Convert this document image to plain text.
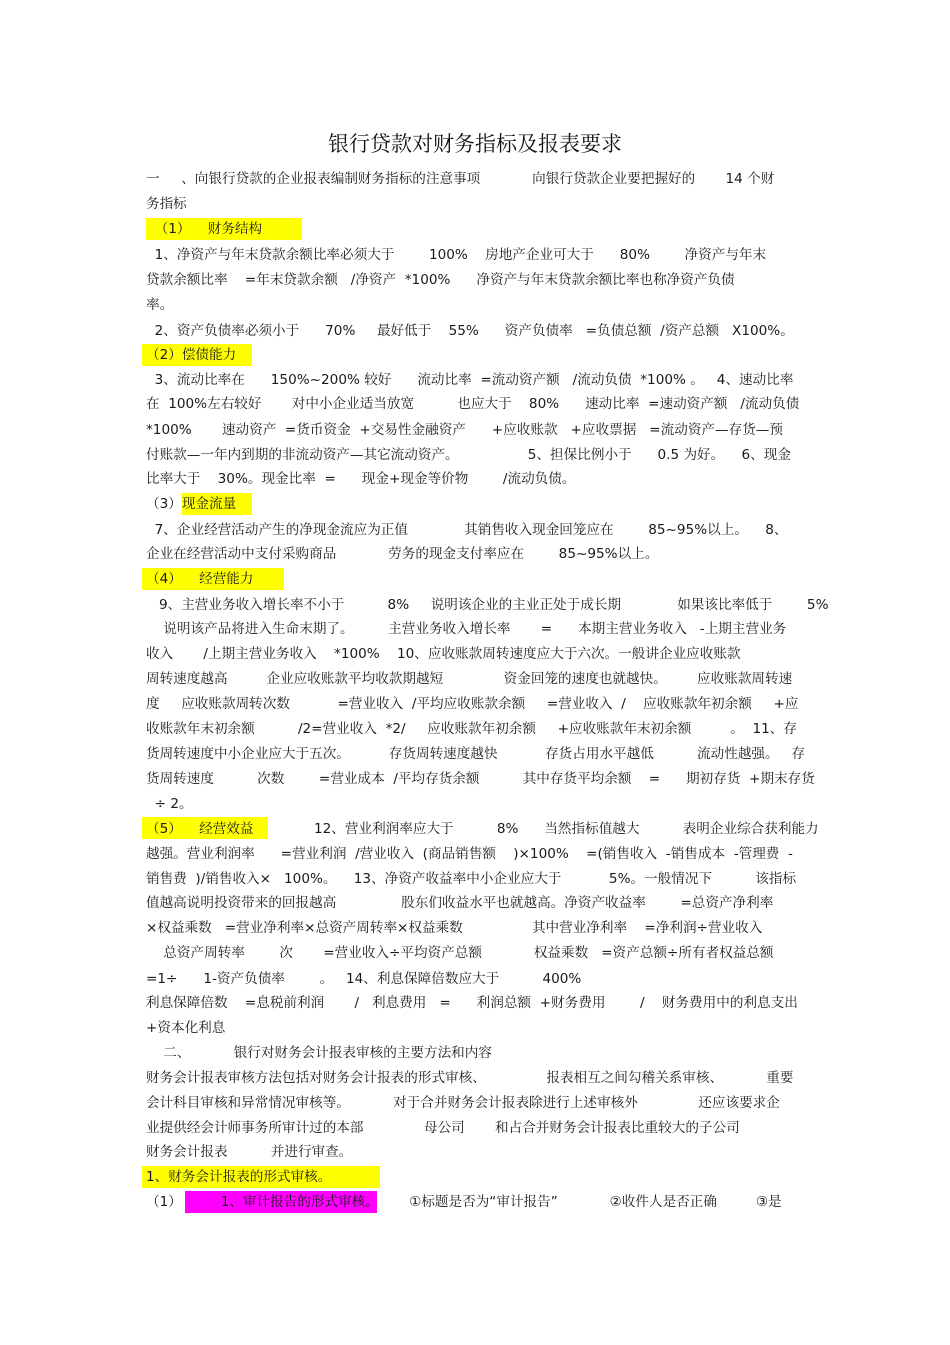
银行贷款对财务指标及报表要求
一     、向银行贷款的企业报表编制财务指标的注意事项            向银行贷款企业要把握好的       14 个财
务指标
（1）    财务结构
1、净资产与年末贷款余额比率必须大于        100%    房地产企业可大于      80%        净资产与年末
贷款余额比率    =年末贷款余额   /净资产  *100%      净资产与年末贷款余额比率也称净资产负债
率。
2、资产负债率必须小于      70%     最好低于    55%      资产负债率   =负债总额  /资产总额   X100%。
（2）偿债能力
3、流动比率在      150%~200% 较好      流动比率  =流动资产额   /流动负债  *100% 。   4、速动比率
在  100%左右较好       对中小企业适当放宽          也应大于    80%      速动比率  =速动资产额   /流动负债
*100%       速动资产  =货币资金  +交易性金融资产      +应收账款   +应收票据   =流动资产—存货—预
付账款—一年内到期的非流动资产—其它流动资产。                5、担保比例小于      0.5 为好。    6、现金
比率大于    30%。现金比率  =      现金+现金等价物        /流动负债。
（3）现金流量
7、企业经营活动产生的净现金流应为正值             其销售收入现金回笼应在        85~95%以上。    8、
企业在经营活动中支付采购商品            劳务的现金支付率应在        85~95%以上。
（4）    经营能力
9、主营业务收入增长率不小于          8%     说明该企业的主业正处于成长期             如果该比率低于        5%
说明该产品将进入生命末期了。        主营业务收入增长率       =      本期主营业务收入   -上期主营业务
收入       /上期主营业务收入    *100%    10、应收账款周转速度应大于六次。一般讲企业应收账款
周转速度越高         企业应收账款平均收款期越短              资金回笼的速度也就越快。       应收账款周转速
度     应收账款周转次数           =营业收入  /平均应收账款余额     =营业收入  /    应收账款年初余额     +应
收账款年末初余额          /2=营业收入  *2/     应收账款年初余额     +应收账款年末初余额         。  11、存
货周转速度中小企业应大于五次。         存货周转速度越快           存货占用水平越低          流动性越强。   存
货周转速度          次数        =营业成本  /平均存货余额          其中存货平均余额    =      期初存货  +期末存货
÷ 2。
（5）    经营效益              12、营业利润率应大于          8%      当然指标值越大          表明企业综合获利能力
越强。营业利润率      =营业利润  /营业收入  (商品销售额    )×100%    =(销售收入  -销售成本  -管理费  -
销售费  )/销售收入×   100%。    13、净资产收益率中小企业应大于           5%。一般情况下          该指标
值越高说明投资带来的回报越高               股东们收益水平也就越高。净资产收益率        =总资产净利率
×权益乘数   =营业净利率×总资产周转率×权益乘数                其中营业净利率    =净利润÷营业收入
总资产周转率        次       =营业收入÷平均资产总额            权益乘数   =资产总额÷所有者权益总额
=1÷      1-资产负债率        。   14、利息保障倍数应大于          400%
利息保障倍数    =息税前利润       /   利息费用   =      利润总额  +财务费用        /    财务费用中的利息支出
+资本化利息
二、          银行对财务会计报表审核的主要方法和内容
财务会计报表审核方法包括对财务会计报表的形式审核、              报表相互之间勾稽关系审核、          重要
会计科目审核和异常情况审核等。          对于合并财务会计报表除进行上述审核外              还应该要求企
业提供经会计师事务所审计过的本部              母公司       和占合并财务会计报表比重较大的子公司
财务会计报表          并进行审查。
1、财务会计报表的形式审核。
（1）         1、审计报告的形式审核。       ①标题是否为“审计报告”            ②收件人是否正确         ③是
